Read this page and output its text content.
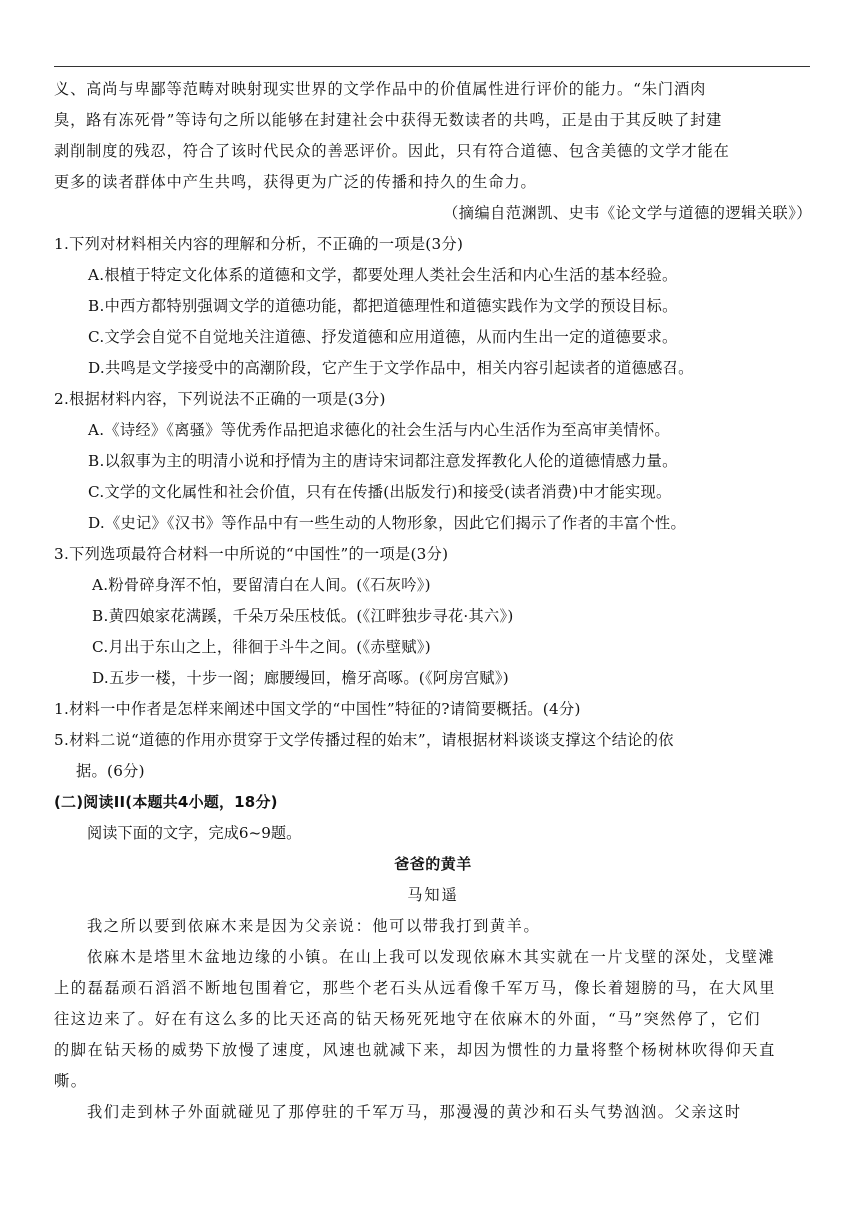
义、高尚与卑鄙等范畴对映射现实世界的文学作品中的价值属性进行评价的能力。“朱门酒肉
臭，路有冻死骨”等诗句之所以能够在封建社会中获得无数读者的共鸣，正是由于其反映了封建
剥削制度的残忍，符合了该时代民众的善恶评价。因此，只有符合道德、包含美德的文学才能在
更多的读者群体中产生共鸣，获得更为广泛的传播和持久的生命力。
（摘编自范渊凯、史韦《论文学与道德的逻辑关联》）
1.下列对材料相关内容的理解和分析，不正确的一项是(3分)
A.根植于特定文化体系的道德和文学，都要处理人类社会生活和内心生活的基本经验。
B.中西方都特别强调文学的道德功能，都把道德理性和道德实践作为文学的预设目标。
C.文学会自觉不自觉地关注道德、抒发道德和应用道德，从而内生出一定的道德要求。
D.共鸣是文学接受中的高潮阶段，它产生于文学作品中，相关内容引起读者的道德感召。
2.根据材料内容，下列说法不正确的一项是(3分)
A.《诗经》《离骚》等优秀作品把追求德化的社会生活与内心生活作为至高审美情怀。
B.以叙事为主的明清小说和抒情为主的唐诗宋词都注意发挥教化人伦的道德情感力量。
C.文学的文化属性和社会价值，只有在传播(出版发行)和接受(读者消费)中才能实现。
D.《史记》《汉书》等作品中有一些生动的人物形象，因此它们揭示了作者的丰富个性。
3.下列选项最符合材料一中所说的“中国性”的一项是(3分)
A.粉骨碎身浑不怕，要留清白在人间。(《石灰吟》)
B.黄四娘家花满蹊，千朵万朵压枝低。(《江畔独步寻花·其六》)
C.月出于东山之上，徘徊于斗牛之间。(《赤壁赋》)
D.五步一楼，十步一阁；廊腰缦回，檐牙高啄。(《阿房宫赋》)
1.材料一中作者是怎样来阐述中国文学的“中国性”特征的?请简要概括。(4分)
5.材料二说“道德的作用亦贯穿于文学传播过程的始末”，请根据材料谈谈支撑这个结论的依
据。(6分)
(二)阅读II(本题共4小题，18分)
阅读下面的文字，完成6~9题。
爸爸的黄羊
马知遥
我之所以要到依麻木来是因为父亲说：他可以带我打到黄羊。
依麻木是塔里木盆地边缘的小镇。在山上我可以发现依麻木其实就在一片戈壁的深处，戈壁滩
上的磊磊顽石滔滔不断地包围着它，那些个老石头从远看像千军万马，像长着翅膀的马，在大风里
往这边来了。好在有这么多的比天还高的钻天杨死死地守在依麻木的外面，“马”突然停了，它们
的脚在钻天杨的威势下放慢了速度，风速也就减下来，却因为惯性的力量将整个杨树林吹得仰天直
嘶。
我们走到林子外面就碰见了那停驻的千军万马，那漫漫的黄沙和石头气势汹汹。父亲这时
